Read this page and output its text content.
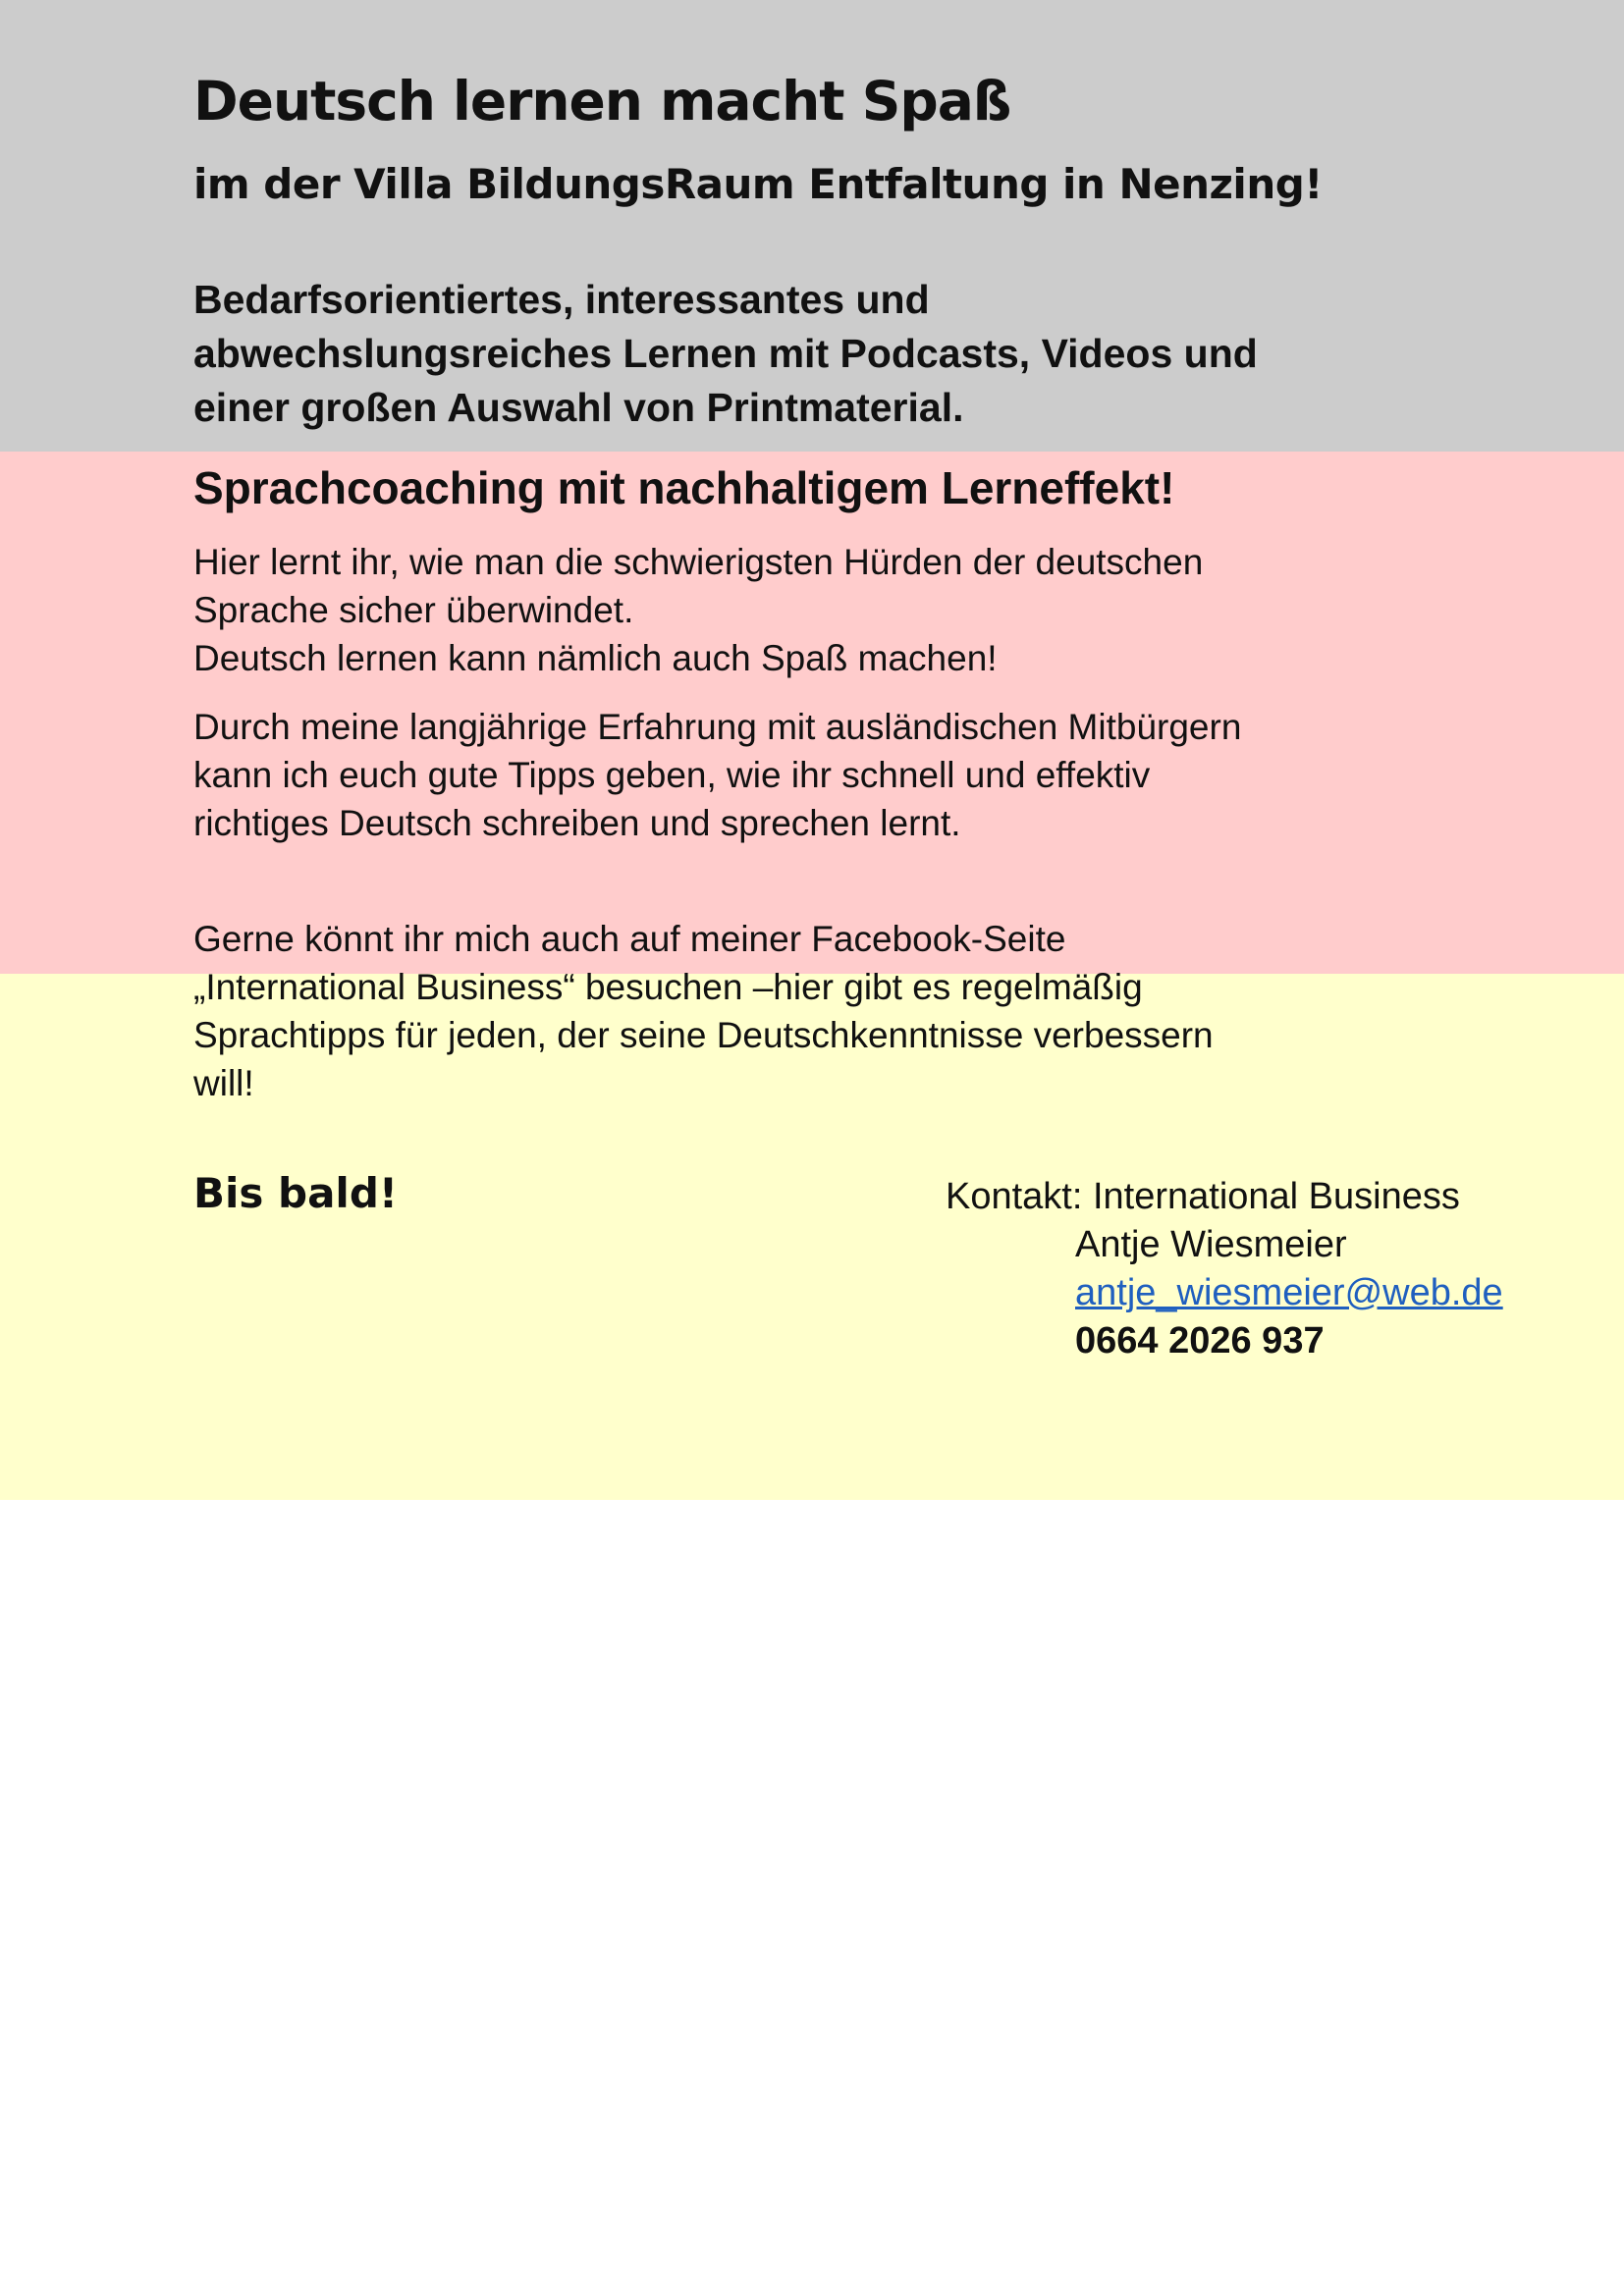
Deutsch lernen macht Spaß
im der Villa BildungsRaum Entfaltung in Nenzing!

Bedarfsorientiertes, interessantes und
abwechslungsreiches Lernen mit Podcasts, Videos und
einer großen Auswahl von Printmaterial.

Sprachcoaching mit nachhaltigem Lerneffekt!

Hier lernt ihr, wie man die schwierigsten Hürden der deutschen
Sprache sicher überwindet.
Deutsch lernen kann nämlich auch Spaß machen!

Durch meine langjährige Erfahrung mit ausländischen Mitbürgern
kann ich euch gute Tipps geben, wie ihr schnell und effektiv
richtiges Deutsch schreiben und sprechen lernt.

Gerne könnt ihr mich auch auf meiner Facebook-Seite
„International Business“ besuchen –hier gibt es regelmäßig
Sprachtipps für jeden, der seine Deutschkenntnisse verbessern
will!

Bis bald!	Kontakt: International Business
Antje Wiesmeier
antje_wiesmeier@web.de
0664 2026 937
